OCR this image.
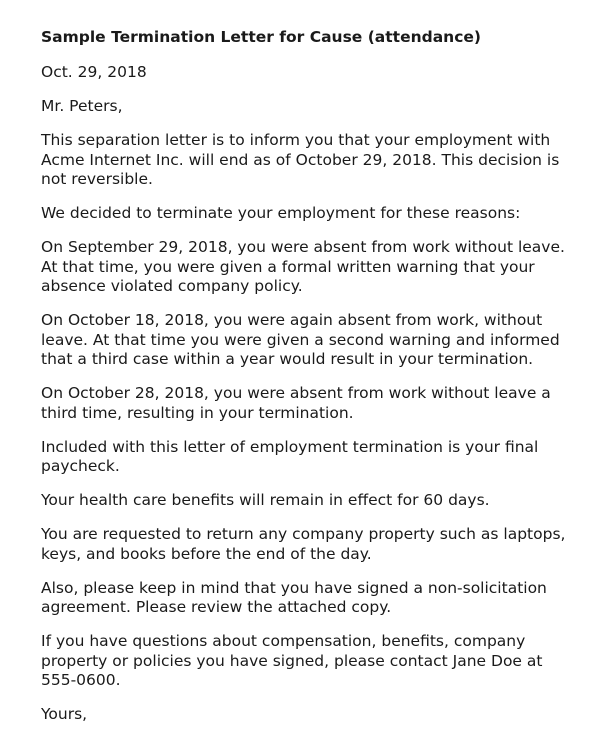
Sample Termination Letter for Cause (attendance)
Oct. 29, 2018
Mr. Peters,
This separation letter is to inform you that your employment with Acme Internet Inc. will end as of October 29, 2018. This decision is not reversible.
We decided to terminate your employment for these reasons:
On September 29, 2018, you were absent from work without leave. At that time, you were given a formal written warning that your absence violated company policy.
On October 18, 2018, you were again absent from work, without leave. At that time you were given a second warning and informed that a third case within a year would result in your termination.
On October 28, 2018, you were absent from work without leave a third time, resulting in your termination.
Included with this letter of employment termination is your final paycheck.
Your health care benefits will remain in effect for 60 days.
You are requested to return any company property such as laptops, keys, and books before the end of the day.
Also, please keep in mind that you have signed a non-solicitation agreement. Please review the attached copy.
If you have questions about compensation, benefits, company property or policies you have signed, please contact Jane Doe at 555-0600.
Yours,
